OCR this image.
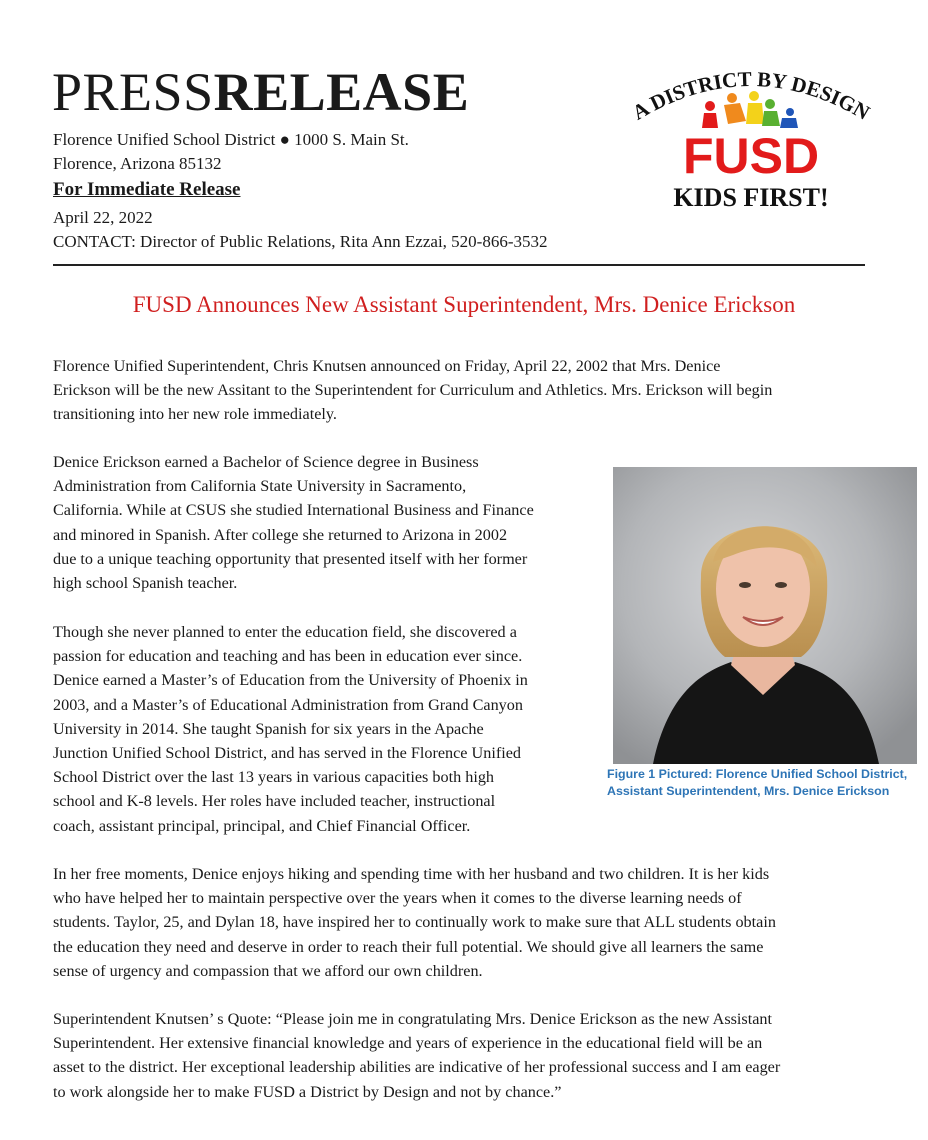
PRESSRELEASE
Florence Unified School District ● 1000 S. Main St.
Florence, Arizona 85132
For Immediate Release
April 22, 2022
CONTACT: Director of Public Relations, Rita Ann Ezzai, 520-866-3532
A DISTRICT BY DESIGN
FUSD
KIDS FIRST!
FUSD Announces New Assistant Superintendent, Mrs. Denice Erickson
Florence Unified Superintendent, Chris Knutsen announced on Friday, April 22, 2002 that Mrs. Denice
Erickson will be the new Assitant to the Superintendent for Curriculum and Athletics. Mrs. Erickson will begin
transitioning into her new role immediately.
Denice Erickson earned a Bachelor of Science degree in Business
Administration from California State University in Sacramento,
California. While at CSUS she studied International Business and Finance
and minored in Spanish. After college she returned to Arizona in 2002
due to a unique teaching opportunity that presented itself with her former
high school Spanish teacher.
Though she never planned to enter the education field, she discovered a
passion for education and teaching and has been in education ever since.
Denice earned a Master’s of Education from the University of Phoenix in
2003, and a Master’s of Educational Administration from Grand Canyon
University in 2014. She taught Spanish for six years in the Apache
Junction Unified School District, and has served in the Florence Unified
School District over the last 13 years in various capacities both high
school and K-8 levels. Her roles have included teacher, instructional
coach, assistant principal, principal, and Chief Financial Officer.
Figure 1 Pictured: Florence Unified School District,
Assistant Superintendent, Mrs. Denice Erickson
In her free moments, Denice enjoys hiking and spending time with her husband and two children. It is her kids
who have helped her to maintain perspective over the years when it comes to the diverse learning needs of
students. Taylor, 25, and Dylan 18, have inspired her to continually work to make sure that ALL students obtain
the education they need and deserve in order to reach their full potential. We should give all learners the same
sense of urgency and compassion that we afford our own children.
Superintendent Knutsen’ s Quote: “Please join me in congratulating Mrs. Denice Erickson as the new Assistant
Superintendent. Her extensive financial knowledge and years of experience in the educational field will be an
asset to the district. Her exceptional leadership abilities are indicative of her professional success and I am eager
to work alongside her to make FUSD a District by Design and not by chance.”
